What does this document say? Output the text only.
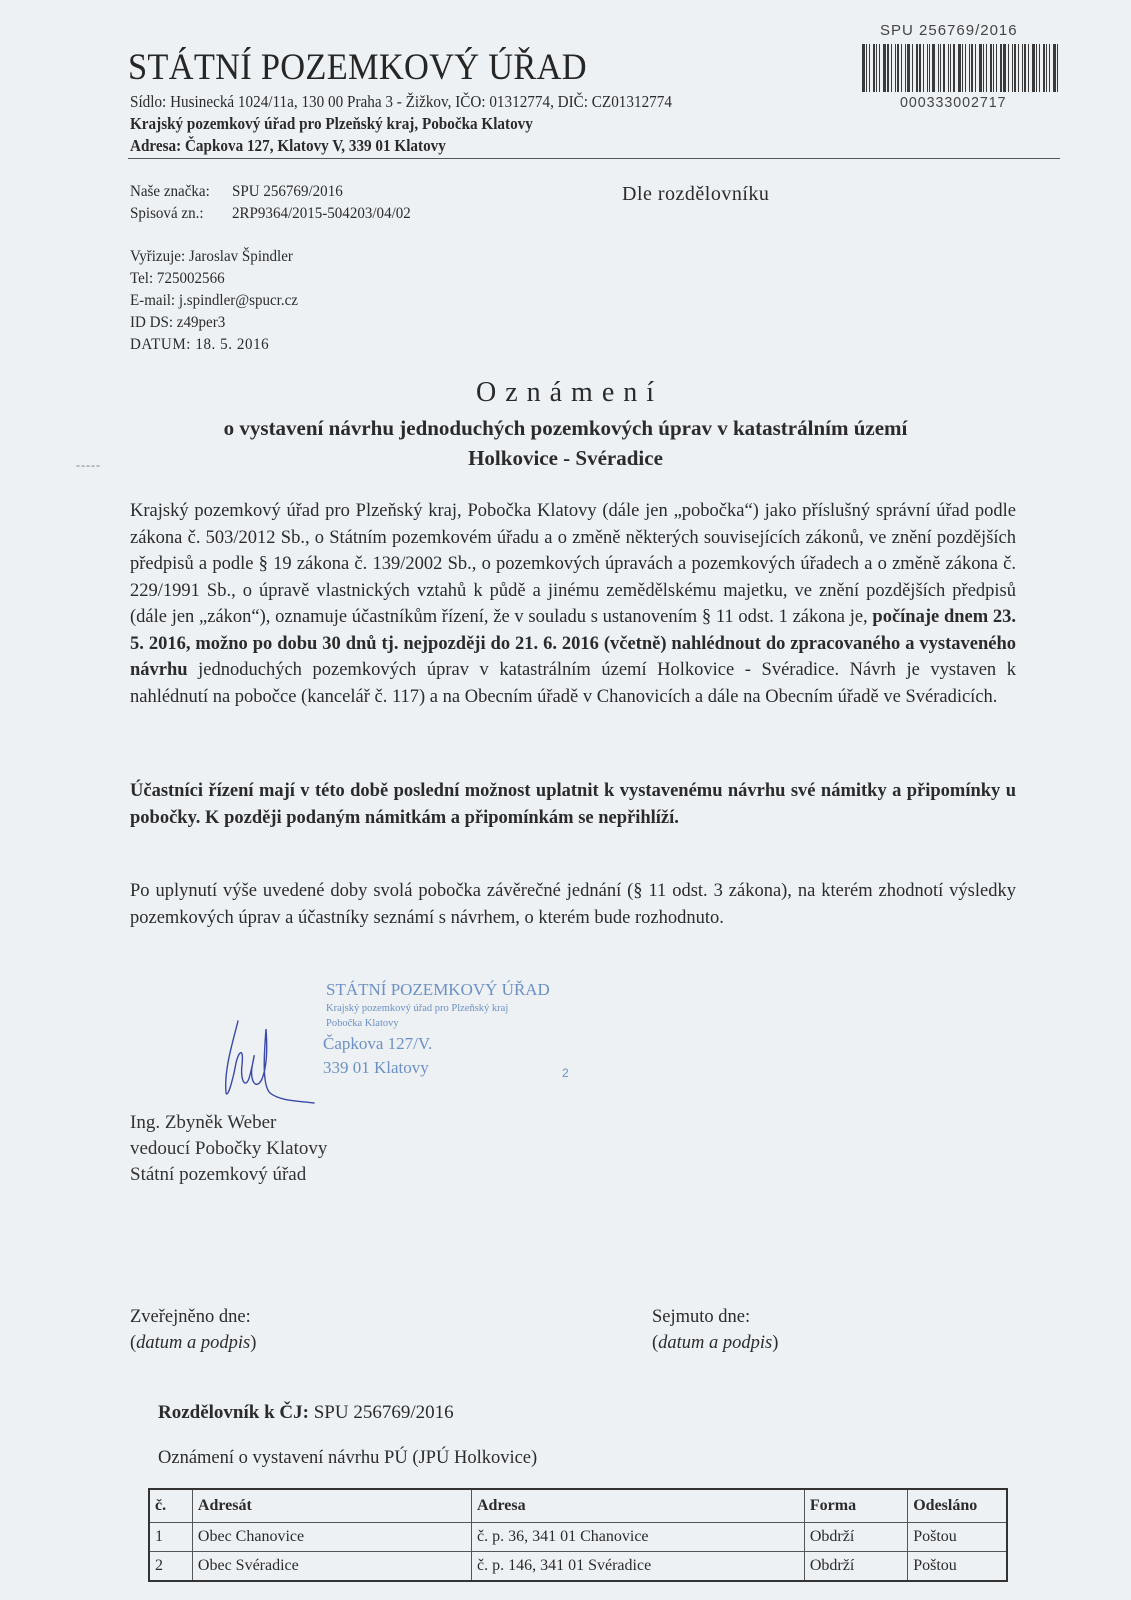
STÁTNÍ POZEMKOVÝ ÚŘAD
Sídlo: Husinecká 1024/11a, 130 00 Praha 3 - Žižkov, IČO: 01312774, DIČ: CZ01312774
Krajský pozemkový úřad pro Plzeňský kraj, Pobočka Klatovy
Adresa: Čapkova 127, Klatovy V, 339 01 Klatovy
SPU 256769/2016
000333002717
Naše značka: SPU 256769/2016
Spisová zn.: 2RP9364/2015-504203/04/02
Dle rozdělovníku
Vyřizuje: Jaroslav Špindler
Tel: 725002566
E-mail: j.spindler@spucr.cz
ID DS: z49per3
DATUM: 18. 5. 2016
Oznámení
o vystavení návrhu jednoduchých pozemkových úprav v katastrálním území
Holkovice - Svéradice
-----
Krajský pozemkový úřad pro Plzeňský kraj, Pobočka Klatovy (dále jen „pobočka“) jako příslušný správní úřad podle zákona č. 503/2012 Sb., o Státním pozemkovém úřadu a o změně některých souvisejících zákonů, ve znění pozdějších předpisů a podle § 19 zákona č. 139/2002 Sb., o pozemkových úpravách a pozemkových úřadech a o změně zákona č. 229/1991 Sb., o úpravě vlastnických vztahů k půdě a jinému zemědělskému majetku, ve znění pozdějších předpisů (dále jen „zákon“), oznamuje účastníkům řízení, že v souladu s ustanovením § 11 odst. 1 zákona je, počínaje dnem 23. 5. 2016, možno po dobu 30 dnů tj. nejpozději do 21. 6. 2016 (včetně) nahlédnout do zpracovaného a vystaveného návrhu jednoduchých pozemkových úprav v katastrálním území Holkovice - Svéradice. Návrh je vystaven k nahlédnutí na pobočce (kancelář č. 117) a na Obecním úřadě v Chanovicích a dále na Obecním úřadě ve Svéradicích.
Účastníci řízení mají v této době poslední možnost uplatnit k vystavenému návrhu své námitky a připomínky u pobočky. K později podaným námitkám a připomínkám se nepřihlíží.
Po uplynutí výše uvedené doby svolá pobočka závěrečné jednání (§ 11 odst. 3 zákona), na kterém zhodnotí výsledky pozemkových úprav a účastníky seznámí s návrhem, o kterém bude rozhodnuto.
STÁTNÍ POZEMKOVÝ ÚŘAD
Krajský pozemkový úřad pro Plzeňský kraj
Pobočka Klatovy
Čapkova 127/V.
339 01 Klatovy	2
Ing. Zbyněk Weber
vedoucí Pobočky Klatovy
Státní pozemkový úřad
Zveřejněno dne:
(datum a podpis)
Sejmuto dne:
(datum a podpis)
Rozdělovník k ČJ: SPU 256769/2016
Oznámení o vystavení návrhu PÚ (JPÚ Holkovice)
č.	Adresát	Adresa	Forma	Odesláno
1	Obec Chanovice	č. p. 36, 341 01 Chanovice	Obdrží	Poštou
2	Obec Svéradice	č. p. 146, 341 01 Svéradice	Obdrží	Poštou
